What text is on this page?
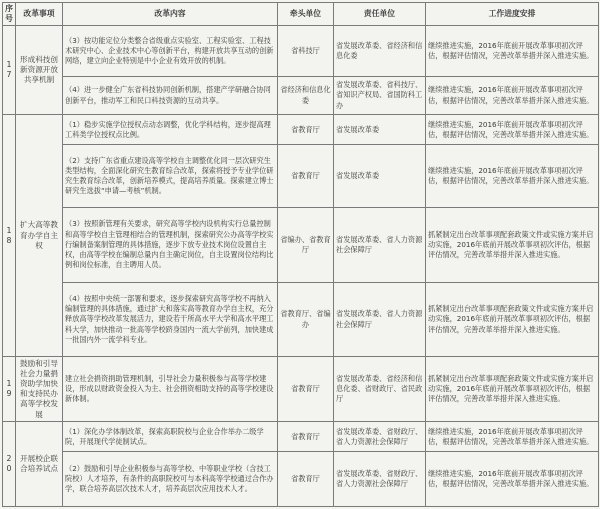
序号	改革事项	改革内容	牵头单位	责任单位	工作进度安排
17	形成科技创新资源开放共享机制	（3）按功能定位分类整合省级重点实验室、工程实验室、工程技术研究中心、企业技术中心等创新平台，构建开放共享互动的创新网络，建立向企业特别是中小企业有效开放的机制。	省科技厅	省发展改革委、省经济和信息化委	继续推进实施，2016年底前开展改革事项初次评估，根据评估情况，完善改革举措并深入推进实施。
		（4）进一步健全广东省科技协同创新机制，搭建产学研融合协同创新平台，推动军工和民口科技资源的互动共享。	省经济和信息化委	省发展改革委、省科技厅、省知识产权局、省国防科工办	继续推进实施，2016年底前开展改革事项初次评估，根据评估情况，完善改革举措并深入推进实施。
18	扩大高等教育办学自主权	（1）稳步实施学位授权点动态调整，优化学科结构，逐步提高理工科类学位授权点比例。	省教育厅	省发展改革委	继续推进实施，2016年底前开展改革事项初次评估，根据评估情况，完善改革举措并深入推进实施。
		（2）支持广东省重点建设高等学校自主调整优化同一层次研究生类型结构，全面深化研究生教育综合改革，探索将授予专业学位研究生教育综合改革，创新培养模式，提高培养质量。探索建立博士研究生选拔“申请—考核”机制。	省教育厅	省发展改革委	继续推进实施，2016年底前开展改革事项初次评估，根据评估情况，完善改革举措并深入推进实施。
		（3）按照新管理有关要求，研究高等学校内设机构实行总量控制和高等学校自主管理相结合的管理机制，探索研究公办高等学校实行编制备案制管理的具体措施，逐步下放专业技术岗位设置自主权，由高等学校在编制总量内自主确定岗位，自主设置岗位结构比例和岗位标准，自主聘用人员。	省编办、省教育厅	省发展改革委、省人力资源社会保障厅	抓紧制定出台改革事项配套政策文件或实施方案并启动实施，2016年底前开展改革事项初次评估，根据评估情况，完善改革举措并深入推进实施。
		（4）按照中央统一部署和要求，逐步探索研究高等学校不再纳入编制管理的具体措施，通过扩大和落实高等教育办学自主权，充分释放高等学校改革发展活力，建设若干所高水平大学和高水平理工科大学，加快推动一批高等学校跻身国内一流大学前列，加快建成一批国内外一流学科专业。	省教育厅、省编办	省发展改革委、省人力资源社会保障厅	抓紧制定出台改革事项配套政策文件或实施方案并启动实施，2016年底前开展改革事项初次评估，根据评估情况，完善改革举措并深入推进实施。
19	鼓励和引导社会力量捐资助学加快和支持民办高等学校发展	建立社会捐资捐助管理机制，引导社会力量积极参与高等学校建设，形成以财政资金投入为主、社会捐资相助支持的高等学校建设新体制。	省教育厅	省发展改革委、省经济和信息化委、省财政厅、省民政厅	抓紧制定出台改革事项配套政策文件或实施方案并启动实施，2016年底前开展改革事项初次评估，根据评估情况，完善改革举措并深入推进实施。
20	开展校企联合培养试点	（1）深化办学体制改革，探索高职院校与企业合作举办二级学院，开展现代学徒制试点。	省教育厅	省发展改革委、省财政厅、省人力资源社会保障厅	继续推进实施，2016年底前开展改革事项初次评估，根据评估情况，完善改革举措并深入推进实施。
		（2）鼓励和引导企业积极参与高等学校、中等职业学校（含技工院校）人才培养，有条件的高职院校可与本科高等学校通过合作办学，联合培养高层次技术人才，培养高层次应用技术人才。	省教育厅	省发展改革委、省财政厅、省人力资源社会保障厅	继续推进实施，2016年底前开展改革事项初次评估，根据评估情况，完善改革举措并深入推进实施。
